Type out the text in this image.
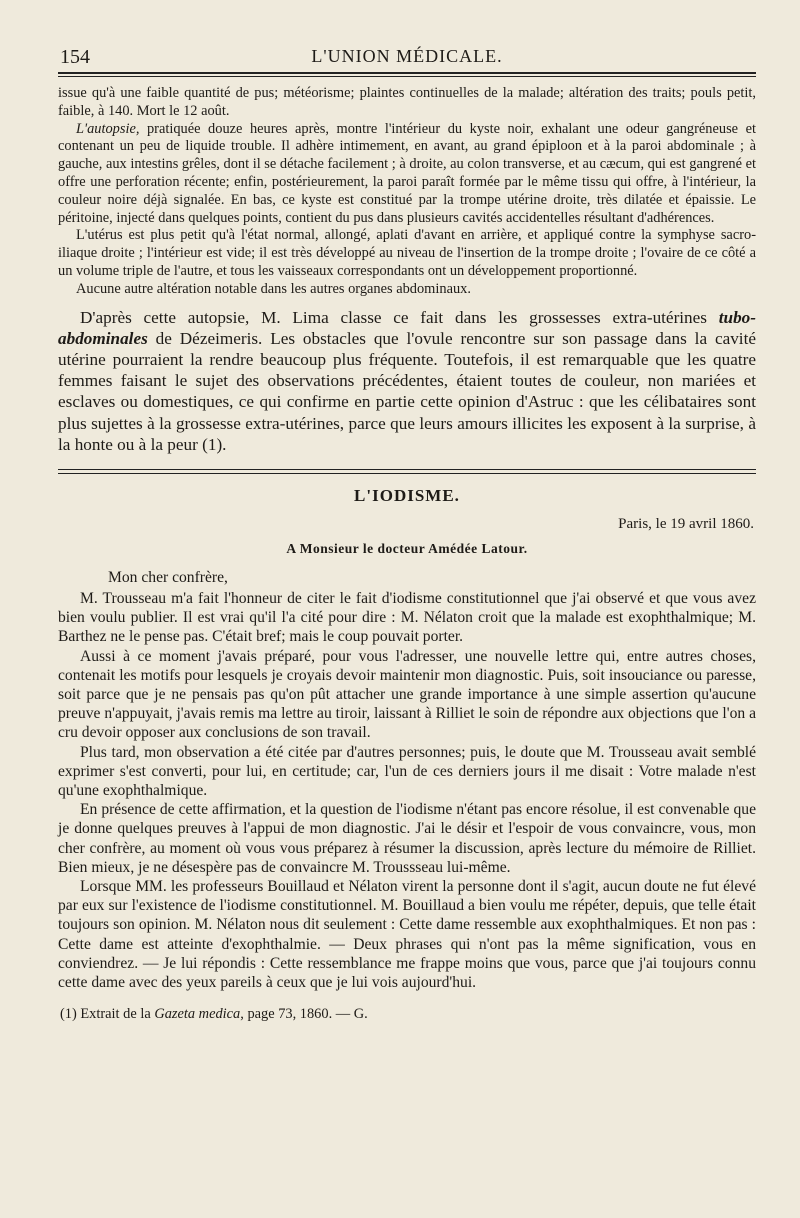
154	L'UNION MÉDICALE.

issue qu'à une faible quantité de pus; météorisme; plaintes continuelles de la malade; altération des traits; pouls petit, faible, à 140. Mort le 12 août.

L'autopsie, pratiquée douze heures après, montre l'intérieur du kyste noir, exhalant une odeur gangréneuse et contenant un peu de liquide trouble. Il adhère intimement, en avant, au grand épiploon et à la paroi abdominale ; à gauche, aux intestins grêles, dont il se détache facilement ; à droite, au colon transverse, et au cæcum, qui est gangrené et offre une perforation récente; enfin, postérieurement, la paroi paraît formée par le même tissu qui offre, à l'intérieur, la couleur noire déjà signalée. En bas, ce kyste est constitué par la trompe utérine droite, très dilatée et épaissie. Le péritoine, injecté dans quelques points, contient du pus dans plusieurs cavités accidentelles résultant d'adhérences.

L'utérus est plus petit qu'à l'état normal, allongé, aplati d'avant en arrière, et appliqué contre la symphyse sacro-iliaque droite ; l'intérieur est vide; il est très développé au niveau de l'insertion de la trompe droite ; l'ovaire de ce côté a un volume triple de l'autre, et tous les vaisseaux correspondants ont un développement proportionné.

Aucune autre altération notable dans les autres organes abdominaux.

D'après cette autopsie, M. Lima classe ce fait dans les grossesses extra-utérines tubo-abdominales de Dézeimeris. Les obstacles que l'ovule rencontre sur son passage dans la cavité utérine pourraient la rendre beaucoup plus fréquente. Toutefois, il est remarquable que les quatre femmes faisant le sujet des observations précédentes, étaient toutes de couleur, non mariées et esclaves ou domestiques, ce qui confirme en partie cette opinion d'Astruc : que les célibataires sont plus sujettes à la grossesse extra-utérines, parce que leurs amours illicites les exposent à la surprise, à la honte ou à la peur (1).

L'IODISME.
Paris, le 19 avril 1860.
A Monsieur le docteur Amédée Latour.
Mon cher confrère,

M. Trousseau m'a fait l'honneur de citer le fait d'iodisme constitutionnel que j'ai observé et que vous avez bien voulu publier. Il est vrai qu'il l'a cité pour dire : M. Nélaton croit que la malade est exophthalmique; M. Barthez ne le pense pas. C'était bref; mais le coup pouvait porter.

Aussi à ce moment j'avais préparé, pour vous l'adresser, une nouvelle lettre qui, entre autres choses, contenait les motifs pour lesquels je croyais devoir maintenir mon diagnostic. Puis, soit insouciance ou paresse, soit parce que je ne pensais pas qu'on pût attacher une grande importance à une simple assertion qu'aucune preuve n'appuyait, j'avais remis ma lettre au tiroir, laissant à Rilliet le soin de répondre aux objections que l'on a cru devoir opposer aux conclusions de son travail.

Plus tard, mon observation a été citée par d'autres personnes; puis, le doute que M. Trousseau avait semblé exprimer s'est converti, pour lui, en certitude; car, l'un de ces derniers jours il me disait : Votre malade n'est qu'une exophthalmique.

En présence de cette affirmation, et la question de l'iodisme n'étant pas encore résolue, il est convenable que je donne quelques preuves à l'appui de mon diagnostic. J'ai le désir et l'espoir de vous convaincre, vous, mon cher confrère, au moment où vous vous préparez à résumer la discussion, après lecture du mémoire de Rilliet. Bien mieux, je ne désespère pas de convaincre M. Troussseau lui-même.

Lorsque MM. les professeurs Bouillaud et Nélaton virent la personne dont il s'agit, aucun doute ne fut élevé par eux sur l'existence de l'iodisme constitutionnel. M. Bouillaud a bien voulu me répéter, depuis, que telle était toujours son opinion. M. Nélaton nous dit seulement : Cette dame ressemble aux exophthalmiques. Et non pas : Cette dame est atteinte d'exophthalmie. — Deux phrases qui n'ont pas la même signification, vous en conviendrez. — Je lui répondis : Cette ressemblance me frappe moins que vous, parce que j'ai toujours connu cette dame avec des yeux pareils à ceux que je lui vois aujourd'hui.

(1) Extrait de la Gazeta medica, page 73, 1860. — G.
